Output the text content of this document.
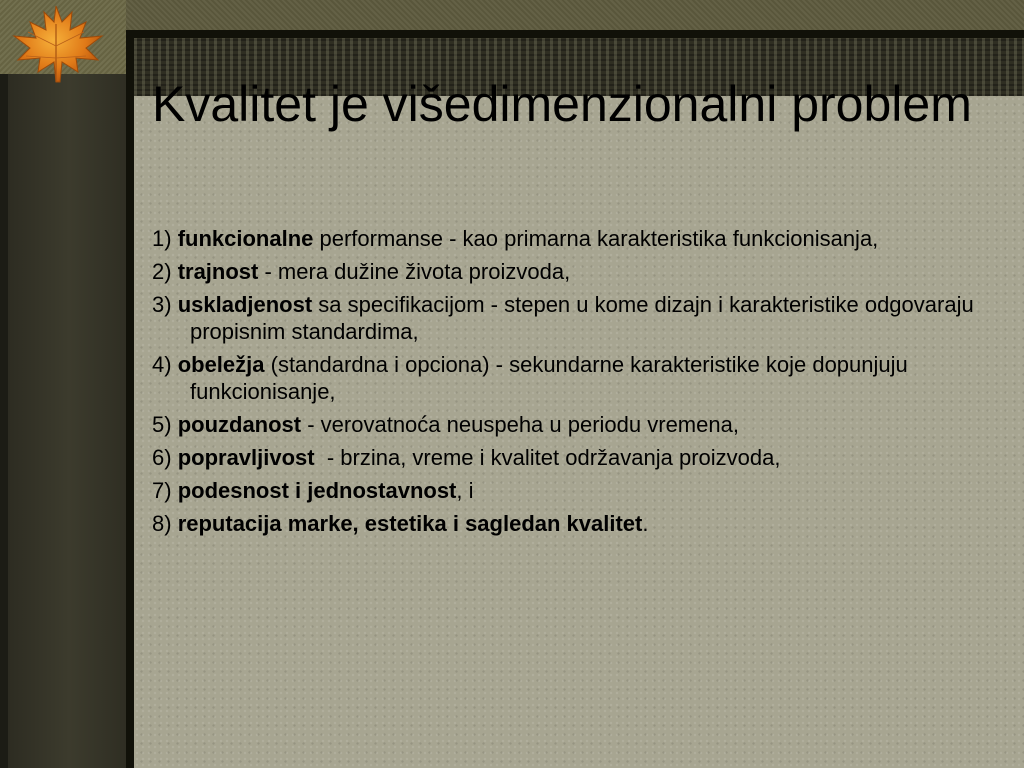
Kvalitet je višedimenzionalni problem
1) funkcionalne performanse - kao primarna karakteristika funkcionisanja,
2) trajnost - mera dužine života proizvoda,
3) uskladjenost sa specifikacijom - stepen u kome dizajn i karakteristike odgovaraju propisnim standardima,
4) obeležja (standardna i opciona) - sekundarne karakteristike koje dopunjuju funkcionisanje,
5) pouzdanost - verovatnoća neuspeha u periodu vremena,
6) popravljivost  - brzina, vreme i kvalitet održavanja proizvoda,
7) podesnost i jednostavnost, i
8) reputacija marke, estetika i sagledan kvalitet.
